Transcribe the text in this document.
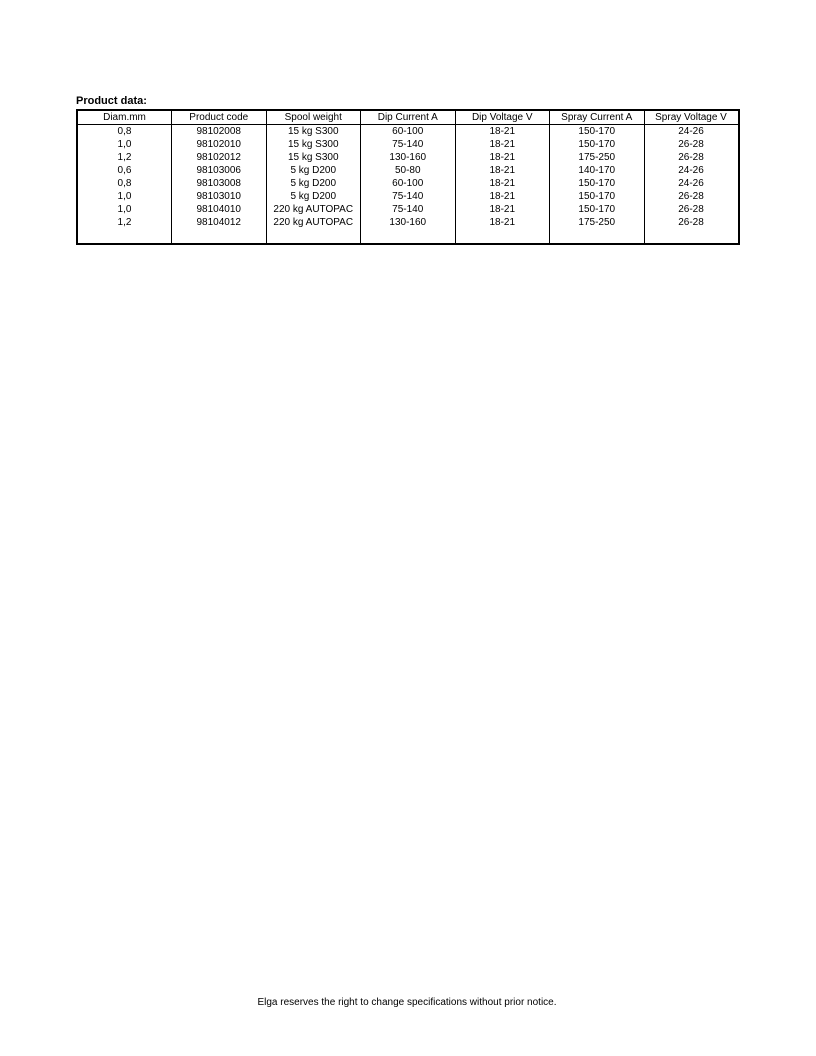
Product data:
Diam.mm	Product code	Spool weight	Dip Current A	Dip Voltage V	Spray Current A	Spray Voltage V
0,8	98102008	15 kg S300	60-100	18-21	150-170	24-26
1,0	98102010	15 kg S300	75-140	18-21	150-170	26-28
1,2	98102012	15 kg S300	130-160	18-21	175-250	26-28
0,6	98103006	5 kg D200	50-80	18-21	140-170	24-26
0,8	98103008	5 kg D200	60-100	18-21	150-170	24-26
1,0	98103010	5 kg D200	75-140	18-21	150-170	26-28
1,0	98104010	220 kg AUTOPAC	75-140	18-21	150-170	26-28
1,2	98104012	220 kg AUTOPAC	130-160	18-21	175-250	26-28

Elga reserves the right to change specifications without prior notice.
